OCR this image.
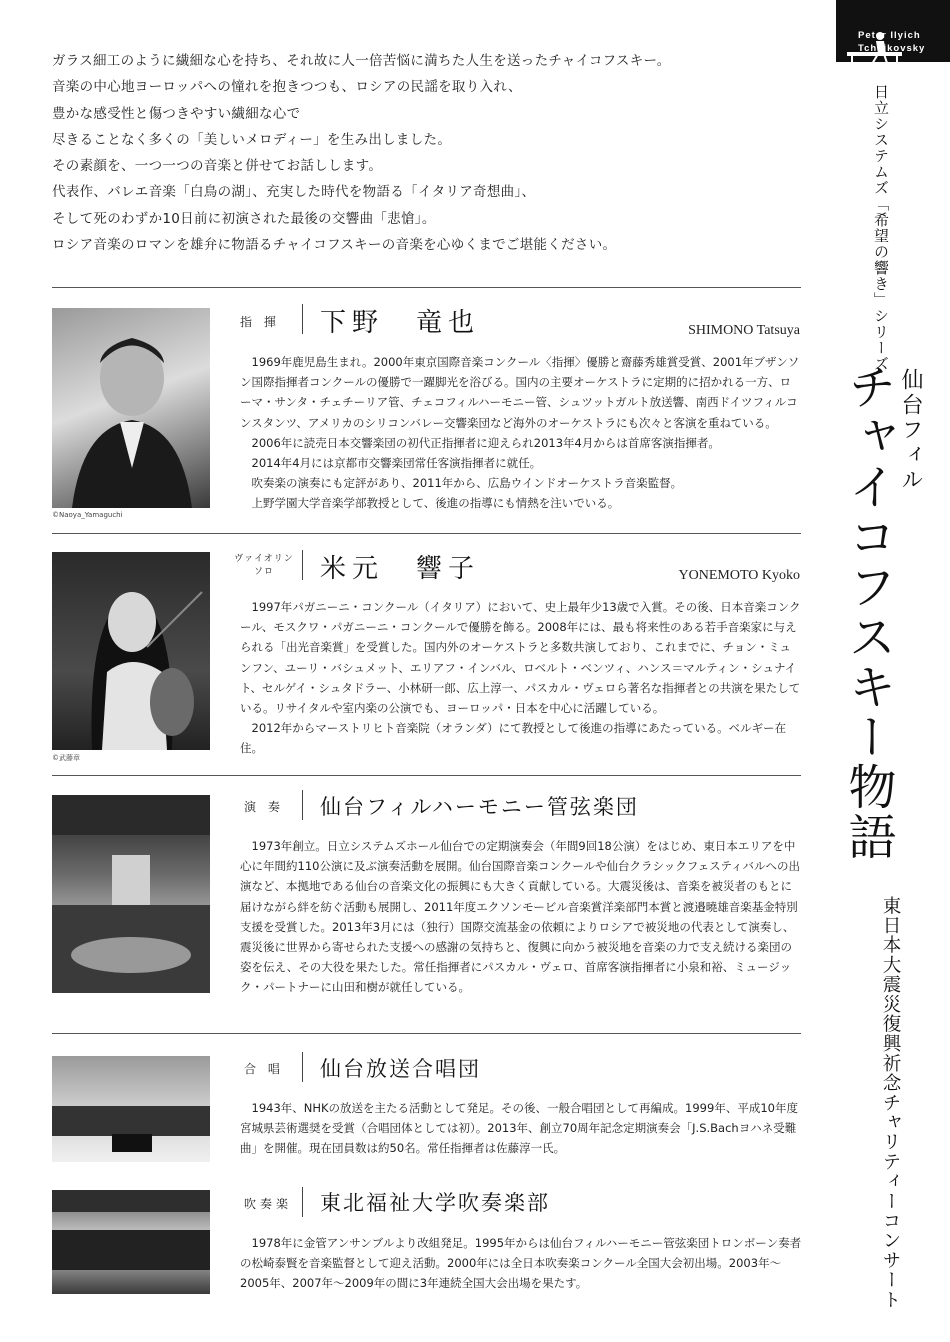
ガラス細工のように繊細な心を持ち、それ故に人一倍苦悩に満ちた人生を送ったチャイコフスキー。

音楽の中心地ヨーロッパへの憧れを抱きつつも、ロシアの民謡を取り入れ、

豊かな感受性と傷つきやすい繊細な心で

尽きることなく多くの「美しいメロディー」を生み出しました。

その素顔を、一つ一つの音楽と併せてお話しします。

代表作、バレエ音楽「白鳥の湖」、充実した時代を物語る「イタリア奇想曲」、

そして死のわずか10日前に初演された最後の交響曲「悲愴」。

ロシア音楽のロマンを雄弁に物語るチャイコフスキーの音楽を心ゆくまでご堪能ください。

Peter Ilyich
Tchaikovsky
日立システムズ「希望の響き」シリーズ
仙台フィル
チャイコフスキー物語
東日本大震災復興祈念チャリティーコンサート
©Naoya_Yamaguchi
指 揮 下野　竜也	SHIMONO Tatsuya

1969年鹿児島生まれ。2000年東京国際音楽コンクール〈指揮〉優勝と齋藤秀雄賞受賞、2001年ブザンソン国際指揮者コンクールの優勝で一躍脚光を浴びる。国内の主要オーケストラに定期的に招かれる一方、ローマ・サンタ・チェチーリア管、チェコフィルハーモニー管、シュツットガルト放送響、南西ドイツフィルコンスタンツ、アメリカのシリコンバレー交響楽団など海外のオーケストラにも次々と客演を重ねている。

2006年に読売日本交響楽団の初代正指揮者に迎えられ2013年4月からは首席客演指揮者。

2014年4月には京都市交響楽団常任客演指揮者に就任。

吹奏楽の演奏にも定評があり、2011年から、広島ウインドオーケストラ音楽監督。

上野学園大学音楽学部教授として、後進の指導にも情熱を注いでいる。

©武藤章
ヴァイオリン
ソロ	米元　響子	YONEMOTO Kyoko

1997年パガニーニ・コンクール（イタリア）において、史上最年少13歳で入賞。その後、日本音楽コンクール、モスクワ・パガニーニ・コンクールで優勝を飾る。2008年には、最も将来性のある若手音楽家に与えられる「出光音楽賞」を受賞した。国内外のオーケストラと多数共演しており、これまでに、チョン・ミュンフン、ユーリ・バシュメット、エリアフ・インバル、ロベルト・ベンツィ、ハンス＝マルティン・シュナイト、セルゲイ・シュタドラー、小林研一郎、広上淳一、パスカル・ヴェロら著名な指揮者との共演を果たしている。リサイタルや室内楽の公演でも、ヨーロッパ・日本を中心に活躍している。

2012年からマーストリヒト音楽院（オランダ）にて教授として後進の指導にあたっている。ベルギー在住。

演 奏 仙台フィルハーモニー管弦楽団

1973年創立。日立システムズホール仙台での定期演奏会（年間9回18公演）をはじめ、東日本エリアを中心に年間約110公演に及ぶ演奏活動を展開。仙台国際音楽コンクールや仙台クラシックフェスティバルへの出演など、本拠地である仙台の音楽文化の振興にも大きく貢献している。大震災後は、音楽を被災者のもとに届けながら絆を紡ぐ活動も展開し、2011年度エクソンモービル音楽賞洋楽部門本賞と渡邉曉雄音楽基金特別支援を受賞した。2013年3月には（独行）国際交流基金の依頼によりロシアで被災地の代表として演奏し、震災後に世界から寄せられた支援への感謝の気持ちと、復興に向かう被災地を音楽の力で支え続ける楽団の姿を伝え、その大役を果たした。常任指揮者にパスカル・ヴェロ、首席客演指揮者に小泉和裕、ミュージック・パートナーに山田和樹が就任している。

合 唱 仙台放送合唱団

1943年、NHKの放送を主たる活動として発足。その後、一般合唱団として再編成。1999年、平成10年度宮城県芸術選奨を受賞（合唱団体としては初）。2013年、創立70周年記念定期演奏会「J.S.Bachヨハネ受難曲」を開催。現在団員数は約50名。常任指揮者は佐藤淳一氏。

吹奏楽 東北福祉大学吹奏楽部

1978年に金管アンサンブルより改組発足。1995年からは仙台フィルハーモニー管弦楽団トロンボーン奏者の松崎泰賢を音楽監督として迎え活動。2000年には全日本吹奏楽コンクール全国大会初出場。2003年～2005年、2007年～2009年の間に3年連続全国大会出場を果たす。
